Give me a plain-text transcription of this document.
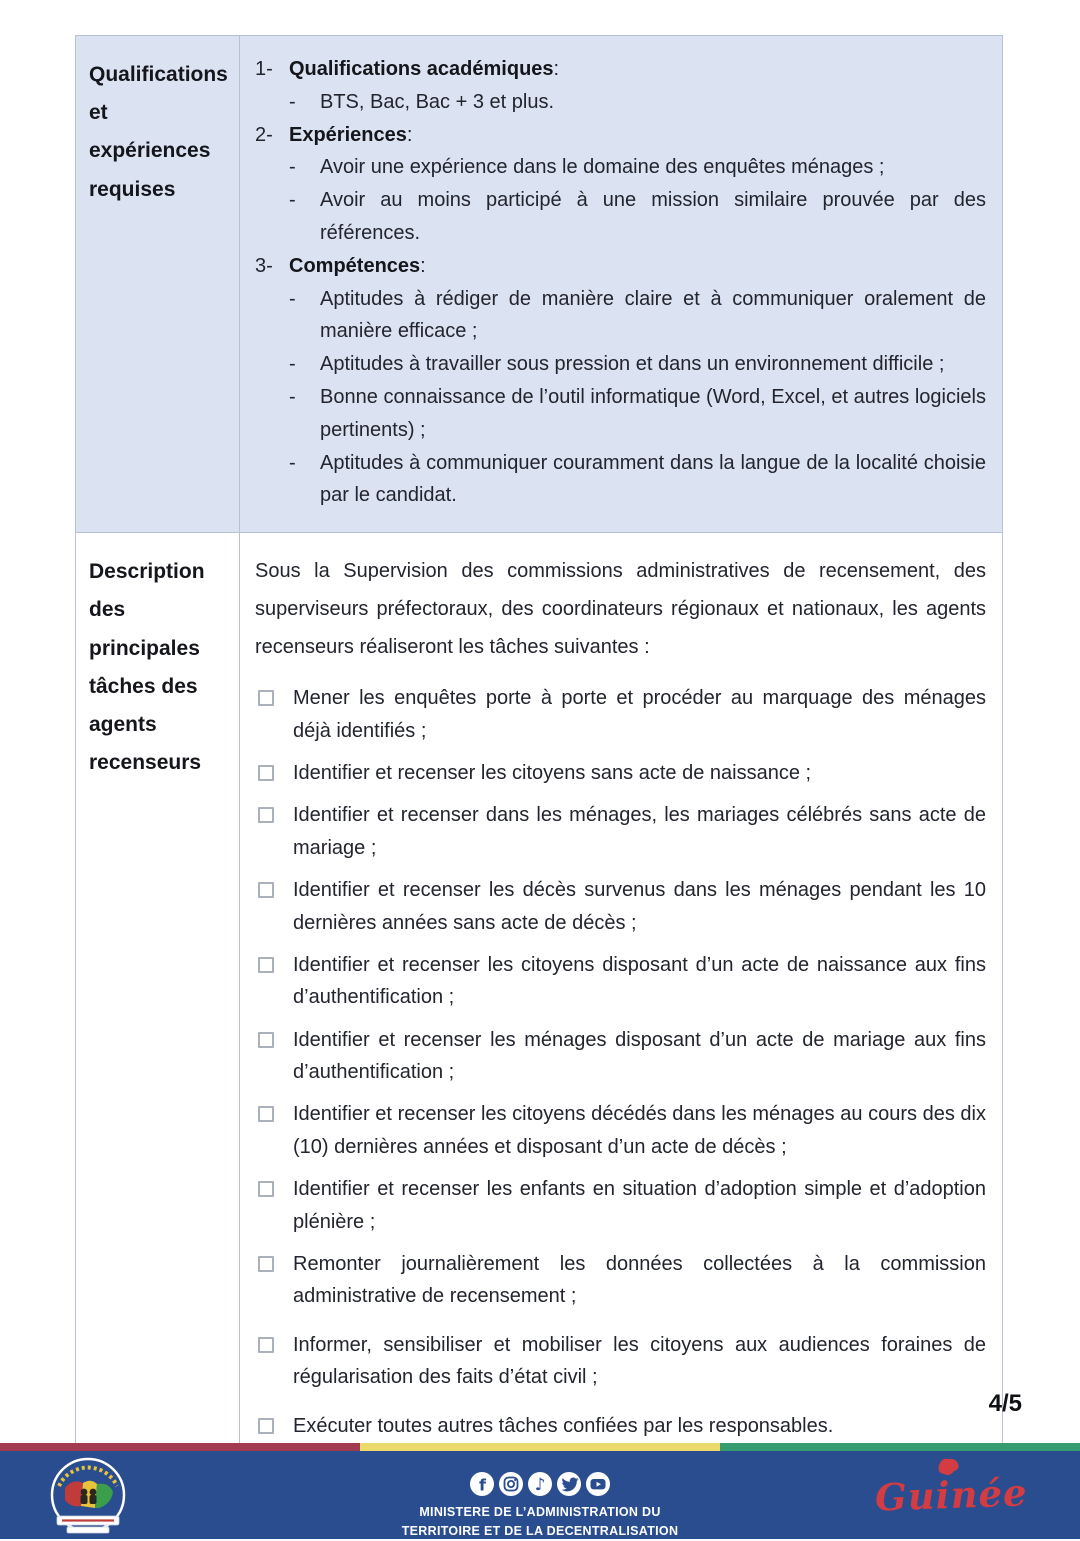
Qualifications et expériences requises
1- Qualifications académiques :
-	BTS, Bac, Bac + 3 et plus.
2- Expériences :
-	Avoir une expérience dans le domaine des enquêtes ménages ;
-	Avoir au moins participé à une mission similaire prouvée par des références.
3- Compétences :
-	Aptitudes à rédiger de manière claire et à communiquer oralement de manière efficace ;
-	Aptitudes à travailler sous pression et dans un environnement difficile ;
-	Bonne connaissance de l’outil informatique (Word, Excel, et autres logiciels pertinents) ;
-	Aptitudes à communiquer couramment dans la langue de la localité choisie par le candidat.
Description des principales tâches des agents recenseurs

Sous la Supervision des commissions administratives de recensement, des superviseurs préfectoraux, des coordinateurs régionaux et nationaux, les agents recenseurs réaliseront les tâches suivantes :

Mener les enquêtes porte à porte et procéder au marquage des ménages déjà identifiés ;
Identifier et recenser les citoyens sans acte de naissance ;
Identifier et recenser dans les ménages, les mariages célébrés sans acte de mariage ;
Identifier et recenser les décès survenus dans les ménages pendant les 10 dernières années sans acte de décès ;
Identifier et recenser les citoyens disposant d’un acte de naissance aux fins d’authentification ;
Identifier et recenser les ménages disposant d’un acte de mariage aux fins d’authentification ;
Identifier et recenser les citoyens décédés dans les ménages au cours des dix (10) dernières années et disposant d’un acte de décès ;
Identifier et recenser les enfants en situation d’adoption simple et d’adoption plénière ;
Remonter journalièrement les données collectées à la commission administrative de recensement ;
Informer, sensibiliser et mobiliser les citoyens aux audiences foraines de régularisation des faits d’état civil ;
Exécuter toutes autres tâches confiées par les responsables.
4/5
f	♪
MINISTERE DE L’ADMINISTRATION DU
TERRITOIRE ET DE LA DECENTRALISATION
Guinée
